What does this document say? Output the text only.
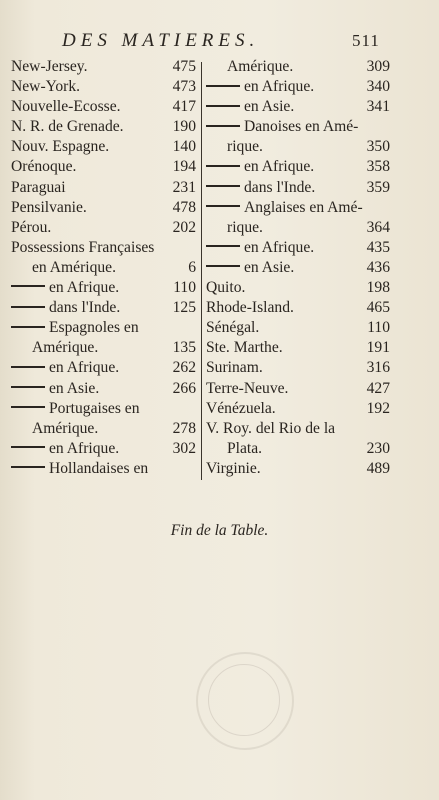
DES MATIERES.	511
New-Jersey.	475
New-York.	473
Nouvelle-Ecosse.	417
N. R. de Grenade.	190
Nouv. Espagne.	140
Orénoque.	194
Paraguai	231
Pensilvanie.	478
Pérou.	202
Possessions Françaises
en Amérique.	6
en Afrique.	110
dans l'Inde.	125
Espagnoles en
Amérique.	135
en Afrique.	262
en Asie.	266
Portugaises en
Amérique.	278
en Afrique.	302
Hollandaises en
Amérique.	309
en Afrique.	340
en Asie.	341
Danoises en Amé-
rique.	350
en Afrique.	358
dans l'Inde.	359
Anglaises en Amé-
rique.	364
en Afrique.	435
en Asie.	436
Quito.	198
Rhode-Island.	465
Sénégal.	110
Ste. Marthe.	191
Surinam.	316
Terre-Neuve.	427
Vénézuela.	192
V. Roy. del Rio de la
Plata.	230
Virginie.	489
Fin de la Table.
